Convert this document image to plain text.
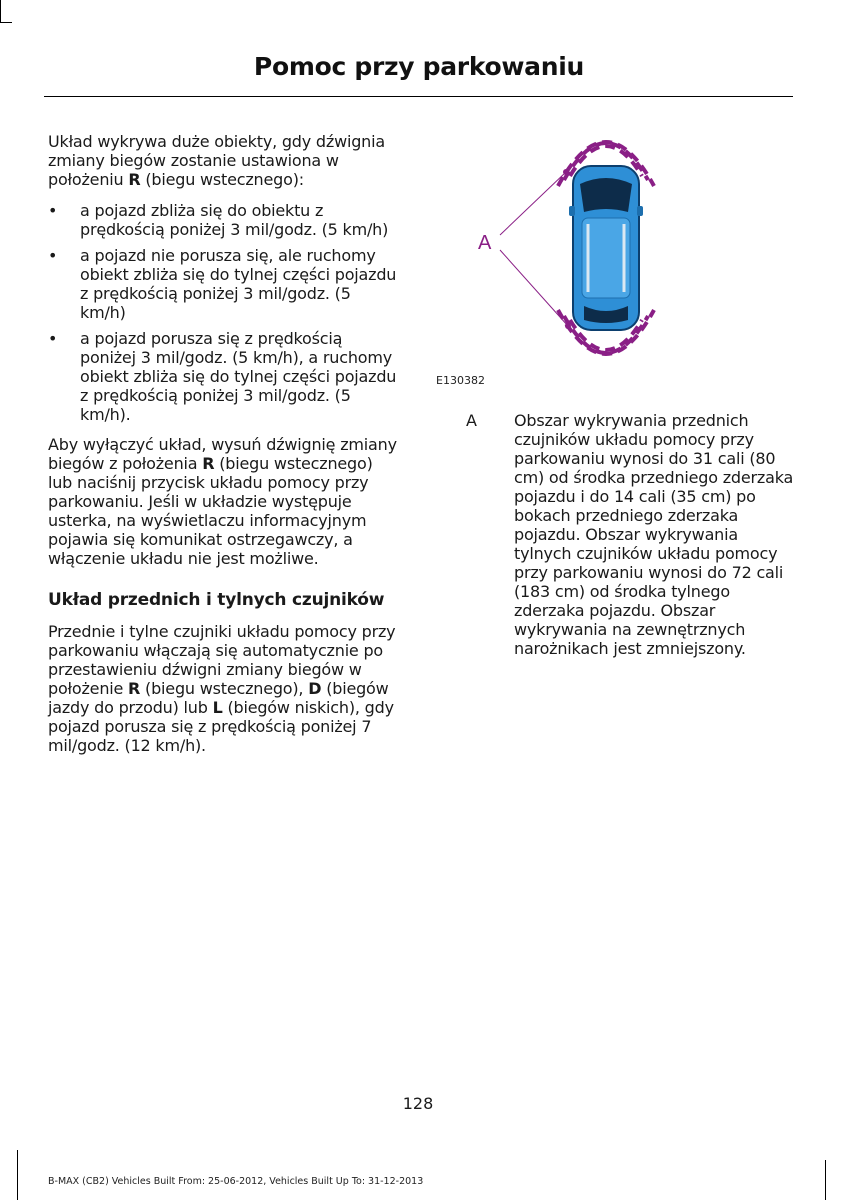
Pomoc przy parkowaniu

Układ wykrywa duże obiekty, gdy dźwignia zmiany biegów zostanie ustawiona w położeniu R (biegu wstecznego):

• a pojazd zbliża się do obiektu z prędkością poniżej 3 mil/godz. (5 km/h)
• a pojazd nie porusza się, ale ruchomy obiekt zbliża się do tylnej części pojazdu z prędkością poniżej 3 mil/godz. (5 km/h)
• a pojazd porusza się z prędkością poniżej 3 mil/godz. (5 km/h), a ruchomy obiekt zbliża się do tylnej części pojazdu z prędkością poniżej 3 mil/godz. (5 km/h).

Aby wyłączyć układ, wysuń dźwignię zmiany biegów z położenia R (biegu wstecznego) lub naciśnij przycisk układu pomocy przy parkowaniu. Jeśli w układzie występuje usterka, na wyświetlaczu informacyjnym pojawia się komunikat ostrzegawczy, a włączenie układu nie jest możliwe.

Układ przednich i tylnych czujników

Przednie i tylne czujniki układu pomocy przy parkowaniu włączają się automatycznie po przestawieniu dźwigni zmiany biegów w położenie R (biegu wstecznego), D (biegów jazdy do przodu) lub L (biegów niskich), gdy pojazd porusza się z prędkością poniżej 7 mil/godz. (12 km/h).

A
E130382
A Obszar wykrywania przednich czujników układu pomocy przy parkowaniu wynosi do 31 cali (80 cm) od środka przedniego zderzaka pojazdu i do 14 cali (35 cm) po bokach przedniego zderzaka pojazdu. Obszar wykrywania tylnych czujników układu pomocy przy parkowaniu wynosi do 72 cali (183 cm) od środka tylnego zderzaka pojazdu. Obszar wykrywania na zewnętrznych narożnikach jest zmniejszony.
128
B-MAX (CB2) Vehicles Built From: 25-06-2012, Vehicles Built Up To: 31-12-2013
